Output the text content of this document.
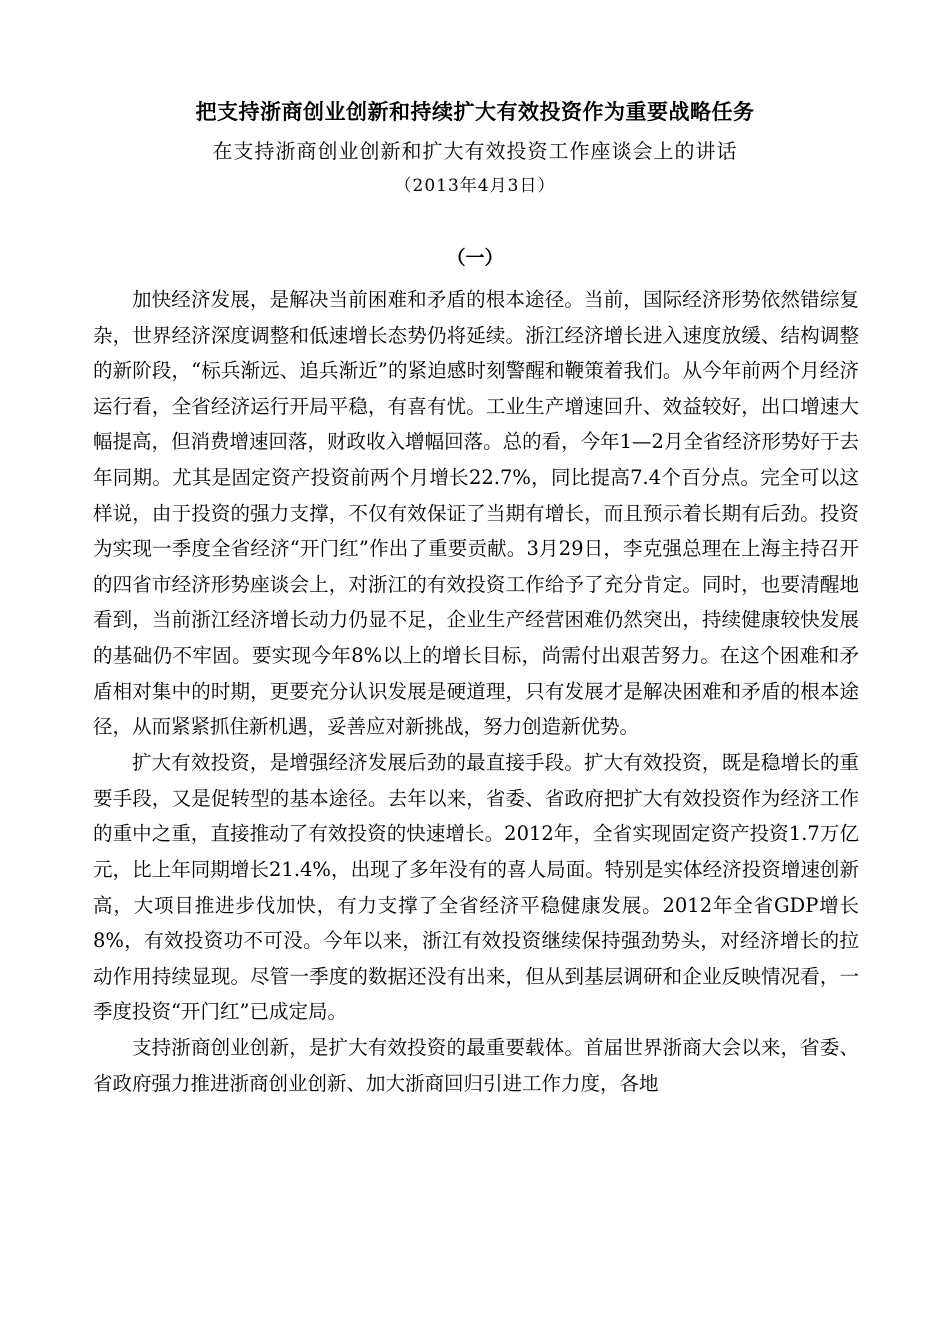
把支持浙商创业创新和持续扩大有效投资作为重要战略任务
在支持浙商创业创新和扩大有效投资工作座谈会上的讲话
（2013年4月3日）
（一）

加快经济发展，是解决当前困难和矛盾的根本途径。当前，国际经济形势依然错综复杂，世界经济深度调整和低速增长态势仍将延续。浙江经济增长进入速度放缓、结构调整的新阶段，“标兵渐远、追兵渐近”的紧迫感时刻警醒和鞭策着我们。从今年前两个月经济运行看，全省经济运行开局平稳，有喜有忧。工业生产增速回升、效益较好，出口增速大幅提高，但消费增速回落，财政收入增幅回落。总的看，今年1—2月全省经济形势好于去年同期。尤其是固定资产投资前两个月增长22.7%，同比提高7.4个百分点。完全可以这样说，由于投资的强力支撑，不仅有效保证了当期有增长，而且预示着长期有后劲。投资为实现一季度全省经济“开门红”作出了重要贡献。3月29日，李克强总理在上海主持召开的四省市经济形势座谈会上，对浙江的有效投资工作给予了充分肯定。同时，也要清醒地看到，当前浙江经济增长动力仍显不足，企业生产经营困难仍然突出，持续健康较快发展的基础仍不牢固。要实现今年8%以上的增长目标，尚需付出艰苦努力。在这个困难和矛盾相对集中的时期，更要充分认识发展是硬道理，只有发展才是解决困难和矛盾的根本途径，从而紧紧抓住新机遇，妥善应对新挑战，努力创造新优势。

扩大有效投资，是增强经济发展后劲的最直接手段。扩大有效投资，既是稳增长的重要手段，又是促转型的基本途径。去年以来，省委、省政府把扩大有效投资作为经济工作的重中之重，直接推动了有效投资的快速增长。2012年，全省实现固定资产投资1.7万亿元，比上年同期增长21.4%，出现了多年没有的喜人局面。特别是实体经济投资增速创新高，大项目推进步伐加快，有力支撑了全省经济平稳健康发展。2012年全省GDP增长8%，有效投资功不可没。今年以来，浙江有效投资继续保持强劲势头，对经济增长的拉动作用持续显现。尽管一季度的数据还没有出来，但从到基层调研和企业反映情况看，一季度投资“开门红”已成定局。

支持浙商创业创新，是扩大有效投资的最重要载体。首届世界浙商大会以来，省委、省政府强力推进浙商创业创新、加大浙商回归引进工作力度，各地
